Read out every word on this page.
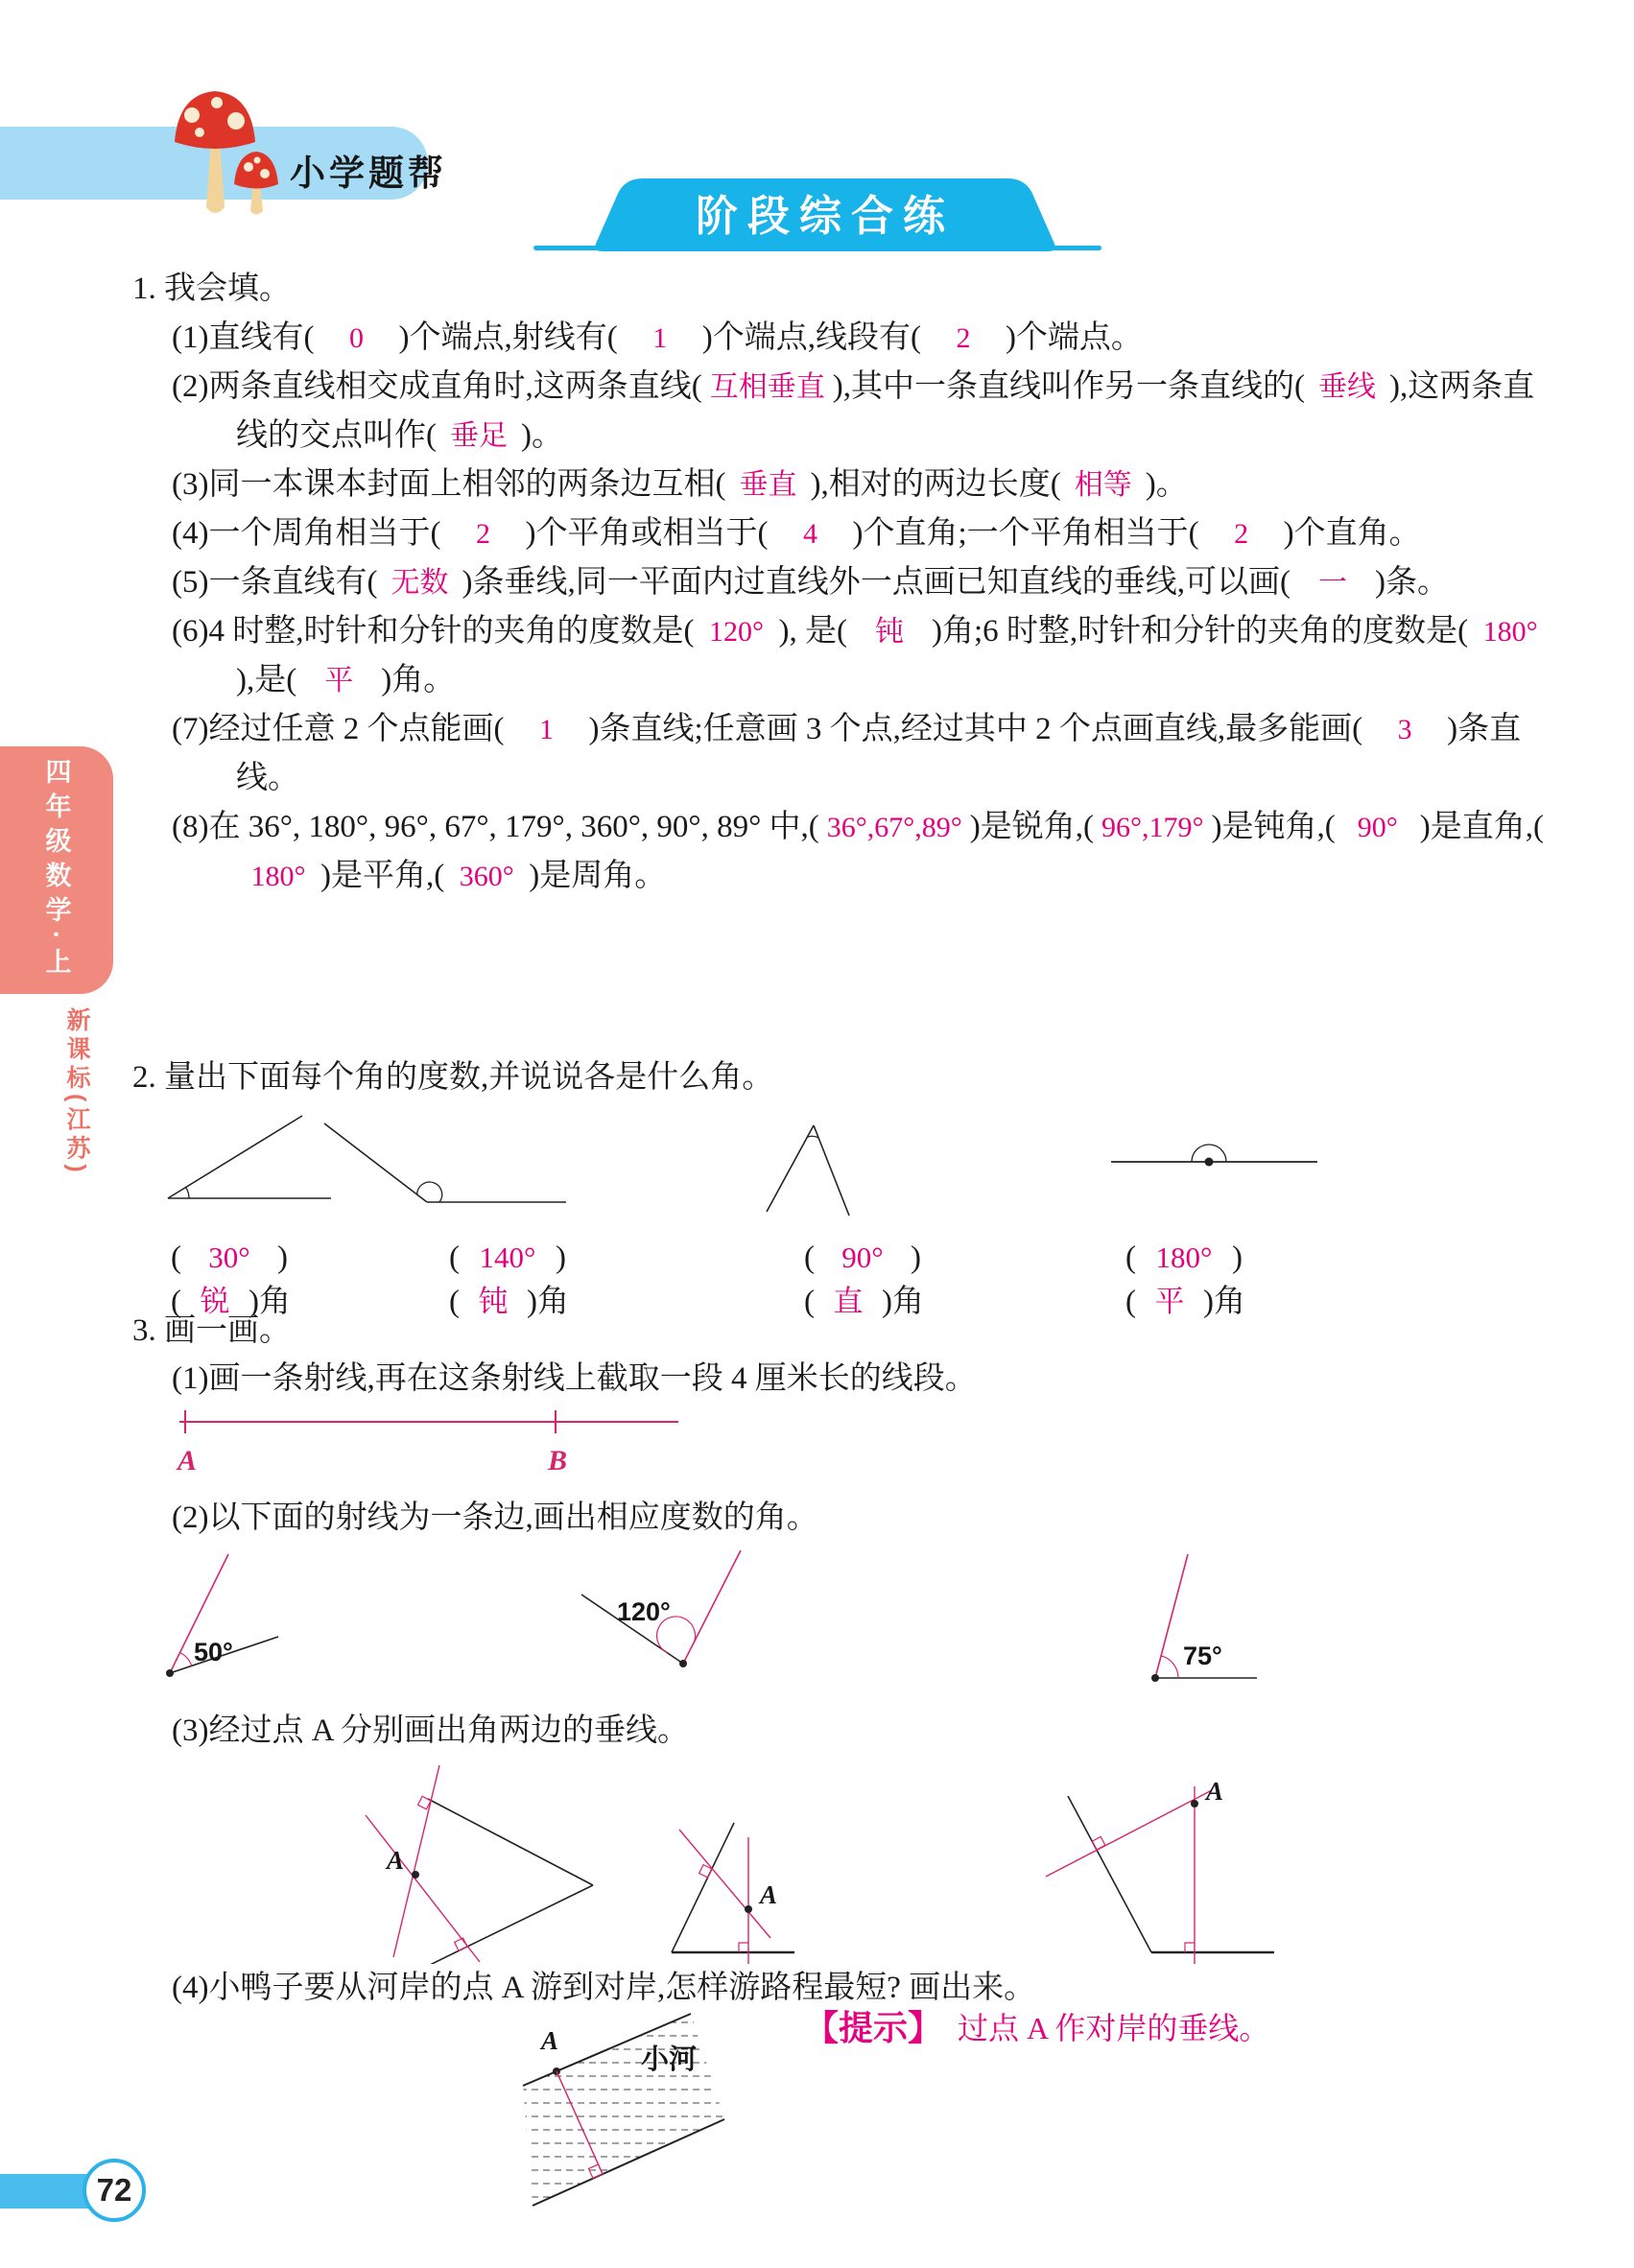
小学题帮
阶段综合练
四年级数学·上
新课标(江苏)
1. 我会填。
(1)直线有( 0 )个端点,射线有( 1 )个端点,线段有( 2 )个端点。
(2)两条直线相交成直角时,这两条直线( 互相垂直 ),其中一条直线叫作另一条直线的( 垂线 ),这两条直线的交点叫作( 垂足 )。
(3)同一本课本封面上相邻的两条边互相( 垂直 ),相对的两边长度( 相等 )。
(4)一个周角相当于( 2 )个平角或相当于( 4 )个直角;一个平角相当于( 2 )个直角。
(5)一条直线有( 无数 )条垂线,同一平面内过直线外一点画已知直线的垂线,可以画( 一 )条。
(6)4 时整,时针和分针的夹角的度数是( 120° ), 是( 钝 )角;6 时整,时针和分针的夹角的度数是( 180°),是( 平 )角。
(7)经过任意 2 个点能画( 1 )条直线;任意画 3 个点,经过其中 2 个点画直线,最多能画( 3 )条直线。
(8)在 36°, 180°, 96°, 67°, 179°, 360°, 90°, 89° 中,( 36°,67°,89° )是锐角,( 96°,179° )是钝角,( 90° )是直角,(180° )是平角,( 360° )是周角。
2. 量出下面每个角的度数,并说说各是什么角。
( 30° )	( 140° )	( 90° )	( 180° )
( 锐 )角	( 钝 )角	( 直 )角	( 平 )角
3. 画一画。
(1)画一条射线,再在这条射线上截取一段 4 厘米长的线段。
A	B
(2)以下面的射线为一条边,画出相应度数的角。
50°
120°
75°
(3)经过点 A 分别画出角两边的垂线。
A
A
A
(4)小鸭子要从河岸的点 A 游到对岸,怎样游路程最短? 画出来。
小河
A	【提示】 过点 A 作对岸的垂线。
72
